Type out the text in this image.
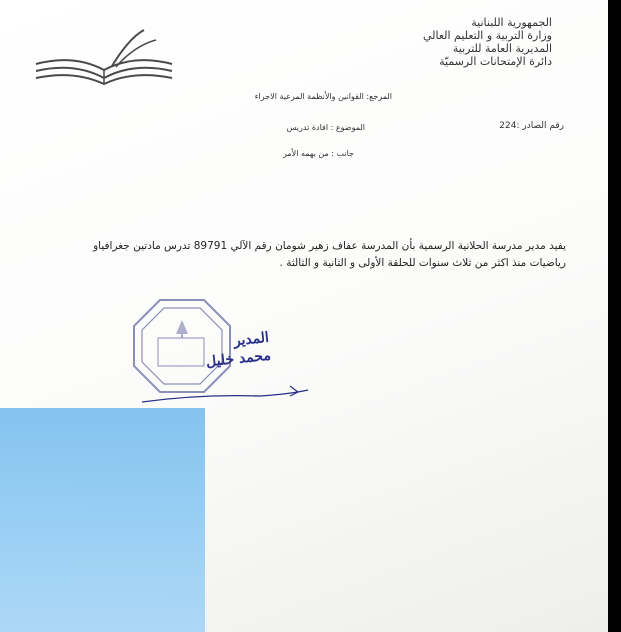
الجمهورية اللبنانية
وزارة التربية و التعليم العالي
المديرية العامة للتربية
دائرة الإمتحانات الرسميّة
المرجع: القوانين والأنظمة المرعية الاجراء
رقم الصادر :224
الموضوع : افادة تدريس
جانب : من يهمه الأمر
يفيد مدير مدرسة الحلانية الرسمية بأن المدرسة عفاف زهير شومان رقم الآلي 89791 تدرس مادتين جغرافياو
رياضيات منذ اكثر من ثلاث سنوات للحلقة الأولى و الثانية و الثالثة .
المدير
محمد خليل
